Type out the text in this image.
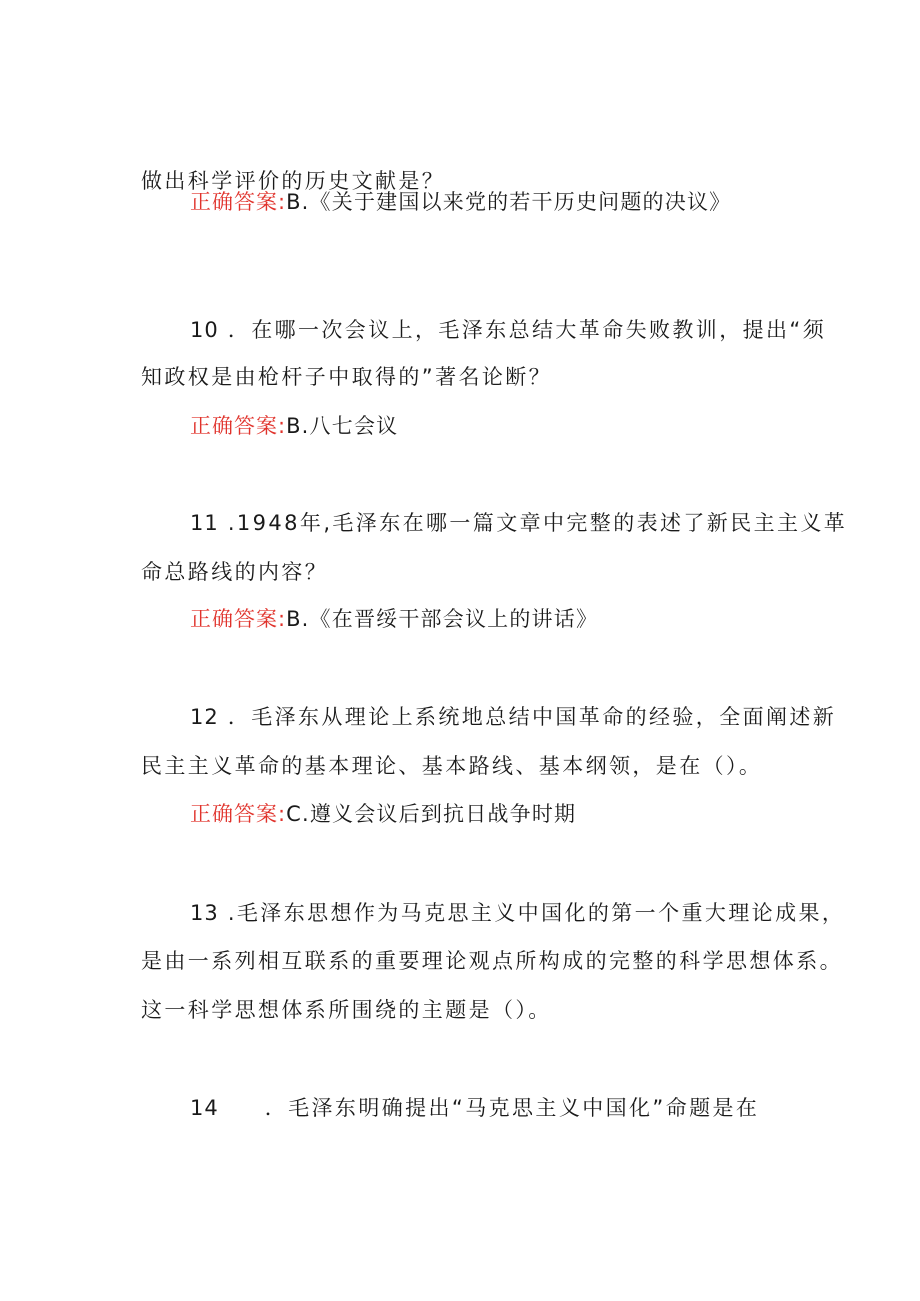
做出科学评价的历史文献是？
正确答案:B.《关于建国以来党的若干历史问题的决议》
10 ．在哪一次会议上，毛泽东总结大革命失败教训，提出“须
知政权是由枪杆子中取得的”著名论断？
正确答案:B.八七会议
11 .1948年,毛泽东在哪一篇文章中完整的表述了新民主主义革
命总路线的内容？
正确答案:B.《在晋绥干部会议上的讲话》
12 ．毛泽东从理论上系统地总结中国革命的经验，全面阐述新
民主主义革命的基本理论、基本路线、基本纲领，是在（）。
正确答案:C.遵义会议后到抗日战争时期
13 .毛泽东思想作为马克思主义中国化的第一个重大理论成果，
是由一系列相互联系的重要理论观点所构成的完整的科学思想体系。
这一科学思想体系所围绕的主题是（）。
14 ．毛泽东明确提出“马克思主义中国化”命题是在
